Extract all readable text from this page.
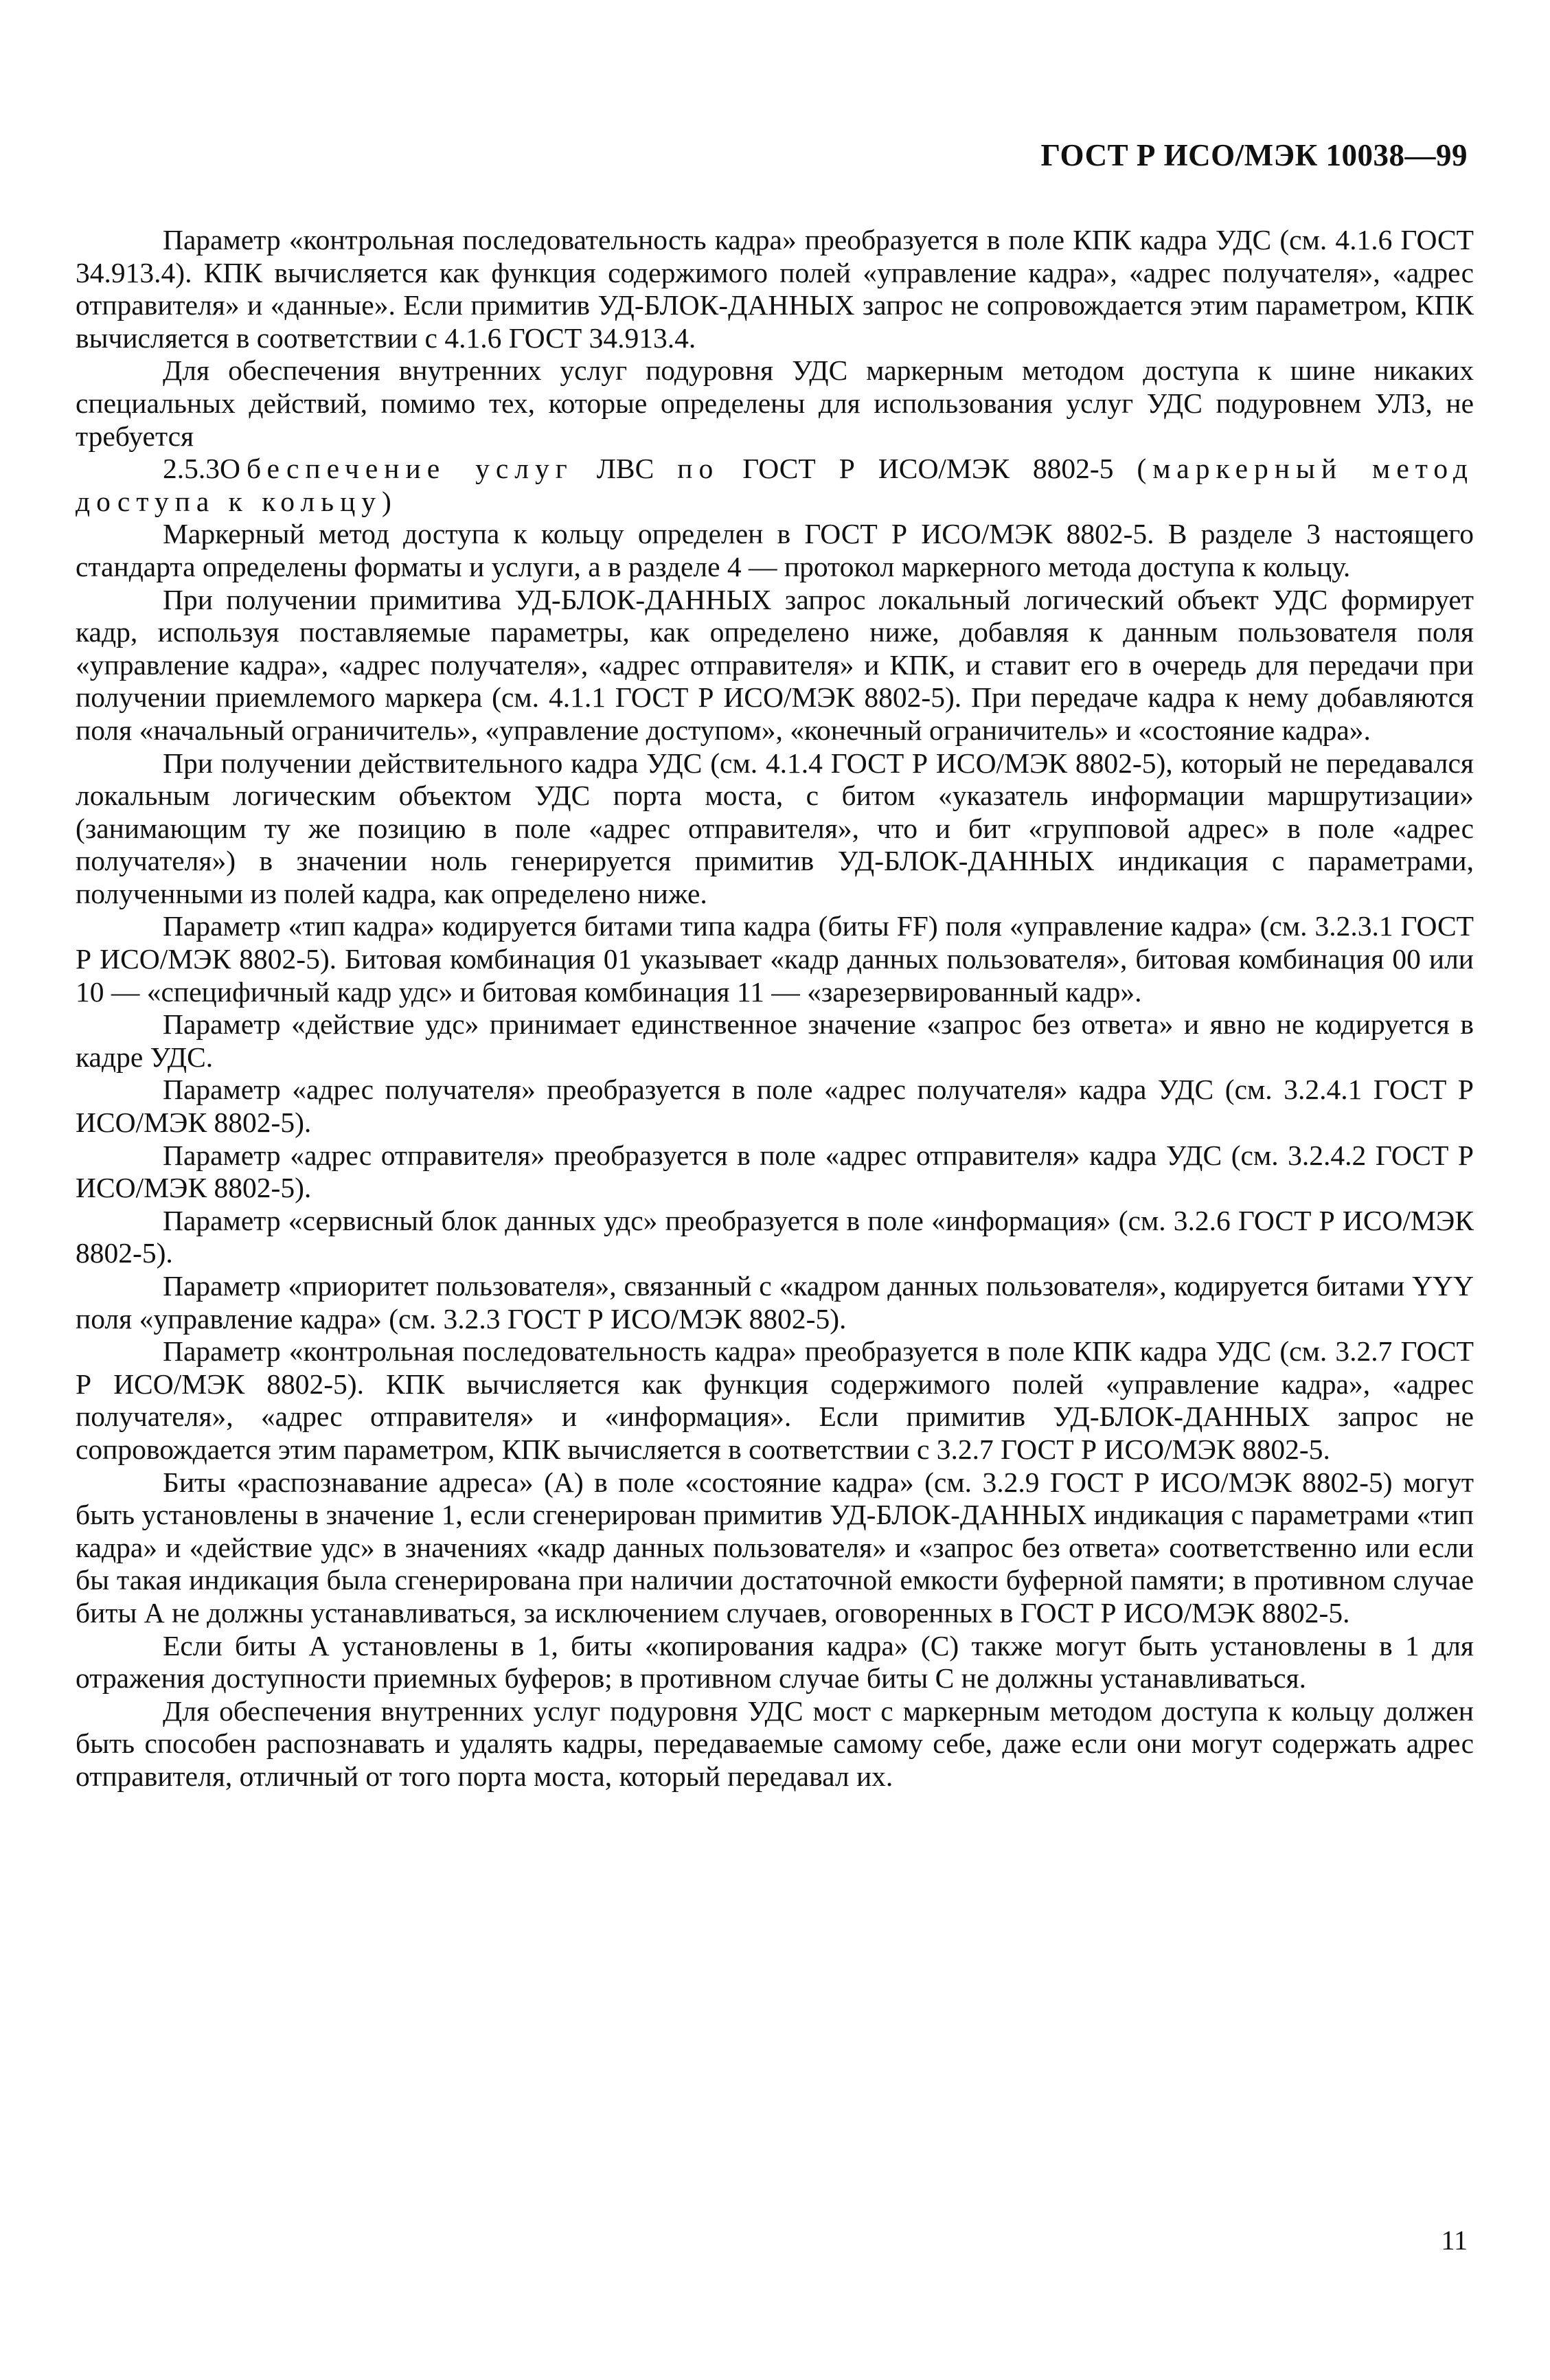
ГОСТ Р ИСО/МЭК 10038—99

Параметр «контрольная последовательность кадра» преобразуется в поле КПК кадра УДС (см. 4.1.6 ГОСТ 34.913.4). КПК вычисляется как функция содержимого полей «управление кадра», «адрес получателя», «адрес отправителя» и «данные». Если примитив УД-БЛОК-ДАННЫХ запрос не сопровождается этим параметром, КПК вычисляется в соответствии с 4.1.6 ГОСТ 34.913.4.

Для обеспечения внутренних услуг подуровня УДС маркерным методом доступа к шине никаких специальных действий, помимо тех, которые определены для использования услуг УДС подуровнем УЛЗ, не требуется

2.5.3Обеспечение услуг ЛВС по ГОСТ Р ИСО/МЭК 8802-5 (маркерный метод доступа к кольцу)

Маркерный метод доступа к кольцу определен в ГОСТ Р ИСО/МЭК 8802-5. В разделе 3 настоящего стандарта определены форматы и услуги, а в разделе 4 — протокол маркерного метода доступа к кольцу.

При получении примитива УД-БЛОК-ДАННЫХ запрос локальный логический объект УДС формирует кадр, используя поставляемые параметры, как определено ниже, добавляя к данным пользователя поля «управление кадра», «адрес получателя», «адрес отправителя» и КПК, и ставит его в очередь для передачи при получении приемлемого маркера (см. 4.1.1 ГОСТ Р ИСО/МЭК 8802-5). При передаче кадра к нему добавляются поля «начальный ограничитель», «управление доступом», «конечный ограничитель» и «состояние кадра».

При получении действительного кадра УДС (см. 4.1.4 ГОСТ Р ИСО/МЭК 8802-5), который не передавался локальным логическим объектом УДС порта моста, с битом «указатель информации маршрутизации» (занимающим ту же позицию в поле «адрес отправителя», что и бит «групповой адрес» в поле «адрес получателя») в значении ноль генерируется примитив УД-БЛОК-ДАННЫХ индикация с параметрами, полученными из полей кадра, как определено ниже.

Параметр «тип кадра» кодируется битами типа кадра (биты FF) поля «управление кадра» (см. 3.2.3.1 ГОСТ Р ИСО/МЭК 8802-5). Битовая комбинация 01 указывает «кадр данных пользователя», битовая комбинация 00 или 10 — «специфичный кадр удс» и битовая комбинация 11 — «зарезервированный кадр».

Параметр «действие удс» принимает единственное значение «запрос без ответа» и явно не кодируется в кадре УДС.

Параметр «адрес получателя» преобразуется в поле «адрес получателя» кадра УДС (см. 3.2.4.1 ГОСТ Р ИСО/МЭК 8802-5).

Параметр «адрес отправителя» преобразуется в поле «адрес отправителя» кадра УДС (см. 3.2.4.2 ГОСТ Р ИСО/МЭК 8802-5).

Параметр «сервисный блок данных удс» преобразуется в поле «информация» (см. 3.2.6 ГОСТ Р ИСО/МЭК 8802-5).

Параметр «приоритет пользователя», связанный с «кадром данных пользователя», кодируется битами YYY поля «управление кадра» (см. 3.2.3 ГОСТ Р ИСО/МЭК 8802-5).

Параметр «контрольная последовательность кадра» преобразуется в поле КПК кадра УДС (см. 3.2.7 ГОСТ Р ИСО/МЭК 8802-5). КПК вычисляется как функция содержимого полей «управление кадра», «адрес получателя», «адрес отправителя» и «информация». Если примитив УД-БЛОК-ДАННЫХ запрос не сопровождается этим параметром, КПК вычисляется в соответствии с 3.2.7 ГОСТ Р ИСО/МЭК 8802-5.

Биты «распознавание адреса» (А) в поле «состояние кадра» (см. 3.2.9 ГОСТ Р ИСО/МЭК 8802-5) могут быть установлены в значение 1, если сгенерирован примитив УД-БЛОК-ДАННЫХ индикация с параметрами «тип кадра» и «действие удс» в значениях «кадр данных пользователя» и «запрос без ответа» соответственно или если бы такая индикация была сгенерирована при наличии достаточной емкости буферной памяти; в противном случае биты А не должны устанавливаться, за исключением случаев, оговоренных в ГОСТ Р ИСО/МЭК 8802-5.

Если биты А установлены в 1, биты «копирования кадра» (С) также могут быть установлены в 1 для отражения доступности приемных буферов; в противном случае биты С не должны устанавливаться.

Для обеспечения внутренних услуг подуровня УДС мост с маркерным методом доступа к кольцу должен быть способен распознавать и удалять кадры, передаваемые самому себе, даже если они могут содержать адрес отправителя, отличный от того порта моста, который передавал их.

11
